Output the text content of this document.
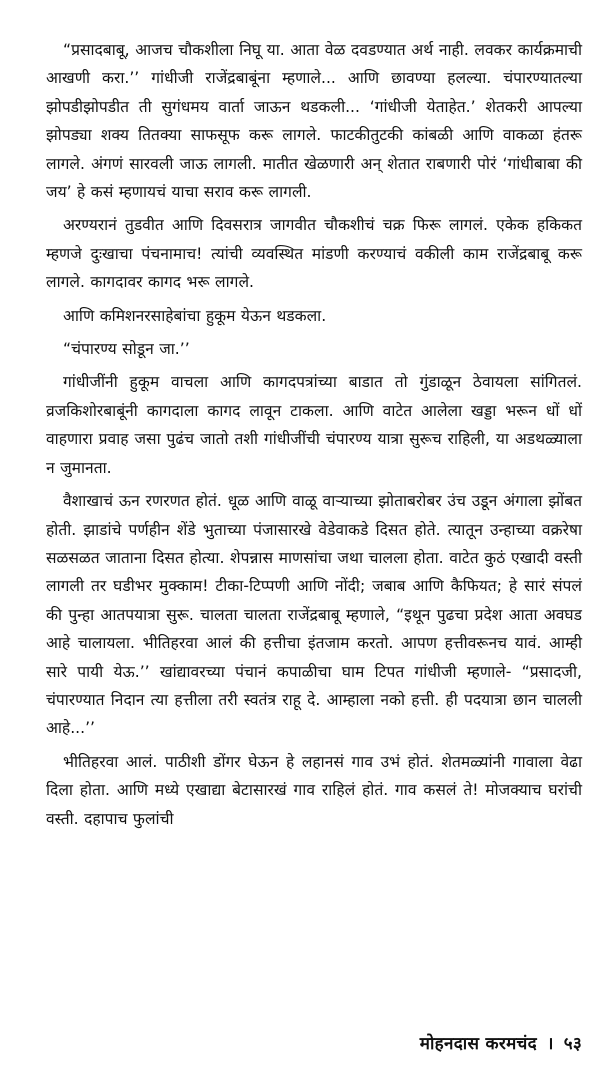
“प्रसादबाबू, आजच चौकशीला निघू या. आता वेळ दवडण्यात अर्थ नाही. लवकर कार्यक्रमाची आखणी करा.’’ गांधीजी राजेंद्रबाबूंना म्हणाले... आणि छावण्या हलल्या. चंपारण्यातल्या झोपडीझोपडीत ती सुगंधमय वार्ता जाऊन थडकली... ‘गांधीजी येताहेत.’ शेतकरी आपल्या झोपड्या शक्य तितक्या साफसूफ करू लागले. फाटकीतुटकी कांबळी आणि वाकळा हंतरू लागले. अंगणं सारवली जाऊ लागली. मातीत खेळणारी अन् शेतात राबणारी पोरं ‘गांधीबाबा की जय’ हे कसं म्हणायचं याचा सराव करू लागली.

अरण्यरानं तुडवीत आणि दिवसरात्र जागवीत चौकशीचं चक्र फिरू लागलं. एकेक हकिकत म्हणजे दुःखाचा पंचनामाच! त्यांची व्यवस्थित मांडणी करण्याचं वकीली काम राजेंद्रबाबू करू लागले. कागदावर कागद भरू लागले.

आणि कमिशनरसाहेबांचा हुकूम येऊन थडकला.

“चंपारण्य सोडून जा.’’

गांधीजींनी हुकूम वाचला आणि कागदपत्रांच्या बाडात तो गुंडाळून ठेवायला सांगितलं. व्रजकिशोरबाबूंनी कागदाला कागद लावून टाकला. आणि वाटेत आलेला खड्डा भरून धों धों वाहणारा प्रवाह जसा पुढंच जातो तशी गांधीजींची चंपारण्य यात्रा सुरूच राहिली, या अडथळ्याला न जुमानता.

वैशाखाचं ऊन रणरणत होतं. धूळ आणि वाळू वाऱ्याच्या झोताबरोबर उंच उडून अंगाला झोंबत होती. झाडांचे पर्णहीन शेंडे भुताच्या पंजासारखे वेडेवाकडे दिसत होते. त्यातून उन्हाच्या वक्ररेषा सळसळत जाताना दिसत होत्या. शेपन्नास माणसांचा जथा चालला होता. वाटेत कुठं एखादी वस्ती लागली तर घडीभर मुक्काम! टीका-टिप्पणी आणि नोंदी; जबाब आणि कैफियत; हे सारं संपलं की पुन्हा आतपयात्रा सुरू. चालता चालता राजेंद्रबाबू म्हणाले, “इथून पुढचा प्रदेश आता अवघड आहे चालायला. भीतिहरवा आलं की हत्तीचा इंतजाम करतो. आपण हत्तीवरूनच यावं. आम्ही सारे पायी येऊ.’’ खांद्यावरच्या पंचानं कपाळीचा घाम टिपत गांधीजी म्हणाले- “प्रसादजी, चंपारण्यात निदान त्या हत्तीला तरी स्वतंत्र राहू दे. आम्हाला नको हत्ती. ही पदयात्रा छान चालली आहे...’’

भीतिहरवा आलं. पाठीशी डोंगर घेऊन हे लहानसं गाव उभं होतं. शेतमळ्यांनी गावाला वेढा दिला होता. आणि मध्ये एखाद्या बेटासारखं गाव राहिलं होतं. गाव कसलं ते! मोजक्याच घरांची वस्ती. दहापाच फुलांची

मोहनदास करमचंद । ५३
